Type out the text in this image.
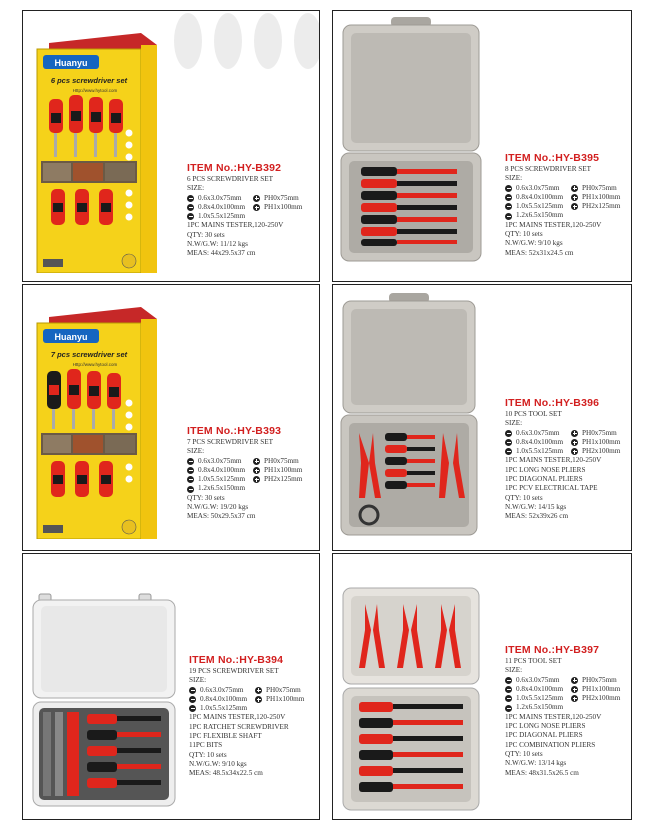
Huanyu
6 pcs screwdriver set
Http://www.hytool.com
ITEM No.:HY-B392
6 PCS SCREWDRIVER SET
SIZE:
0.6x3.0x75mm	PH0x75mm
0.8x4.0x100mm	PH1x100mm
1.0x5.5x125mm
1PC MAINS TESTER,120-250V
QTY: 30 sets
N.W/G.W: 11/12 kgs
MEAS: 44x29.5x37 cm
ITEM No.:HY-B395
8 PCS SCREWDRIVER SET
SIZE:
0.6x3.0x75mm	PH0x75mm
0.8x4.0x100mm	PH1x100mm
1.0x5.5x125mm	PH2x125mm
1.2x6.5x150mm
1PC MAINS TESTER,120-250V
QTY: 10 sets
N.W/G.W: 9/10 kgs
MEAS: 52x31x24.5 cm
Huanyu
7 pcs screwdriver set
Http://www.hytool.com
ITEM No.:HY-B393
7 PCS SCREWDRIVER SET
SIZE:
0.6x3.0x75mm	PH0x75mm
0.8x4.0x100mm	PH1x100mm
1.0x5.5x125mm	PH2x125mm
1.2x6.5x150mm
QTY: 30 sets
N.W/G.W: 19/20 kgs
MEAS: 50x29.5x37 cm
ITEM No.:HY-B396
10 PCS TOOL SET
SIZE:
0.6x3.0x75mm	PH0x75mm
0.8x4.0x100mm	PH1x100mm
1.0x5.5x125mm	PH2x100mm
1PC MAINS TESTER,120-250V
1PC LONG NOSE PLIERS
1PC DIAGONAL PLIERS
1PC PCV ELECTRICAL TAPE
QTY: 10 sets
N.W/G.W: 14/15 kgs
MEAS: 52x39x26 cm
ITEM No.:HY-B394
19 PCS SCREWDRIVER SET
SIZE:
0.6x3.0x75mm	PH0x75mm
0.8x4.0x100mm	PH1x100mm
1.0x5.5x125mm
1PC MAINS TESTER,120-250V
1PC RATCHET SCREWDRIVER
1PC FLEXIBLE SHAFT
11PC BITS
QTY: 10 sets
N.W/G.W: 9/10 kgs
MEAS: 48.5x34x22.5 cm
ITEM No.:HY-B397
11 PCS TOOL SET
SIZE:
0.6x3.0x75mm	PH0x75mm
0.8x4.0x100mm	PH1x100mm
1.0x5.5x125mm	PH2x100mm
1.2x6.5x150mm
1PC MAINS TESTER,120-250V
1PC LONG NOSE PLIERS
1PC DIAGONAL PLIERS
1PC COMBINATION PLIERS
QTY: 10 sets
N.W/G.W: 13/14 kgs
MEAS: 48x31.5x26.5 cm
